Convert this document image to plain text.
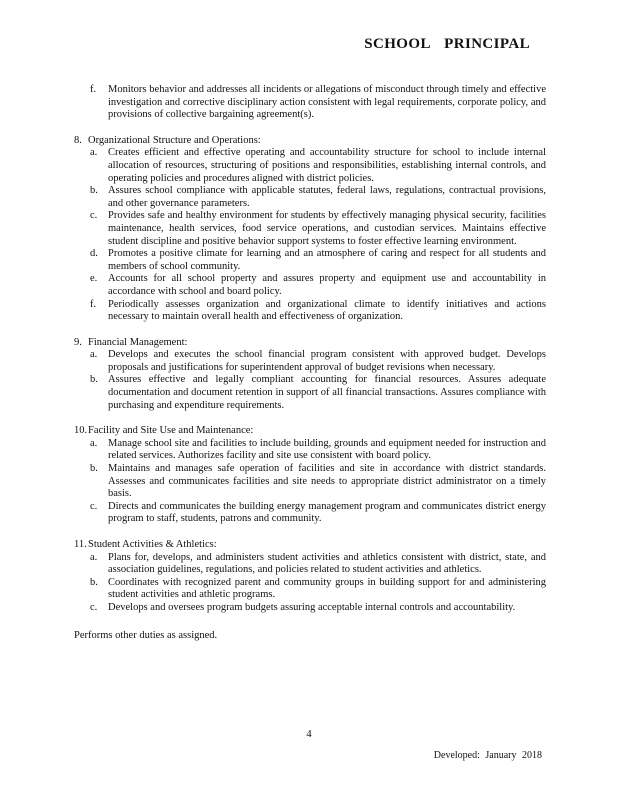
SCHOOL PRINCIPAL
f.	Monitors behavior and addresses all incidents or allegations of misconduct through timely and effective investigation and corrective disciplinary action consistent with legal requirements, corporate policy, and provisions of collective bargaining agreement(s).
8. Organizational Structure and Operations:
a.	Creates efficient and effective operating and accountability structure for school to include internal allocation of resources, structuring of positions and responsibilities, establishing internal controls, and operating policies and procedures aligned with district policies.
b. Assures school compliance with applicable statutes, federal laws, regulations, contractual provisions, and other governance parameters.
c.	Provides safe and healthy environment for students by effectively managing physical security, facilities maintenance, health services, food service operations, and custodian services. Maintains effective student discipline and positive behavior support systems to foster effective learning environment.
d. Promotes a positive climate for learning and an atmosphere of caring and respect for all students and members of school community.
e.	Accounts for all school property and assures property and equipment use and accountability in accordance with school and board policy.
f.	Periodically assesses organization and organizational climate to identify initiatives and actions necessary to maintain overall health and effectiveness of organization.
9. Financial Management:
a.	Develops and executes the school financial program consistent with approved budget. Develops proposals and justifications for superintendent approval of budget revisions when necessary.
b. Assures effective and legally compliant accounting for financial resources. Assures adequate documentation and document retention in support of all financial transactions. Assures compliance with purchasing and expenditure requirements.
10. Facility and Site Use and Maintenance:
a.	Manage school site and facilities to include building, grounds and equipment needed for instruction and related services. Authorizes facility and site use consistent with board policy.
b. Maintains and manages safe operation of facilities and site in accordance with district standards. Assesses and communicates facilities and site needs to appropriate district administrator on a timely basis.
c.	Directs and communicates the building energy management program and communicates district energy program to staff, students, patrons and community.
11. Student Activities & Athletics:
a.	Plans for, develops, and administers student activities and athletics consistent with district, state, and association guidelines, regulations, and policies related to student activities and athletics.
b. Coordinates with recognized parent and community groups in building support for and administering student activities and athletic programs.
c.	Develops and oversees program budgets assuring acceptable internal controls and accountability.
Performs other duties as assigned.
4
Developed: January 2018
